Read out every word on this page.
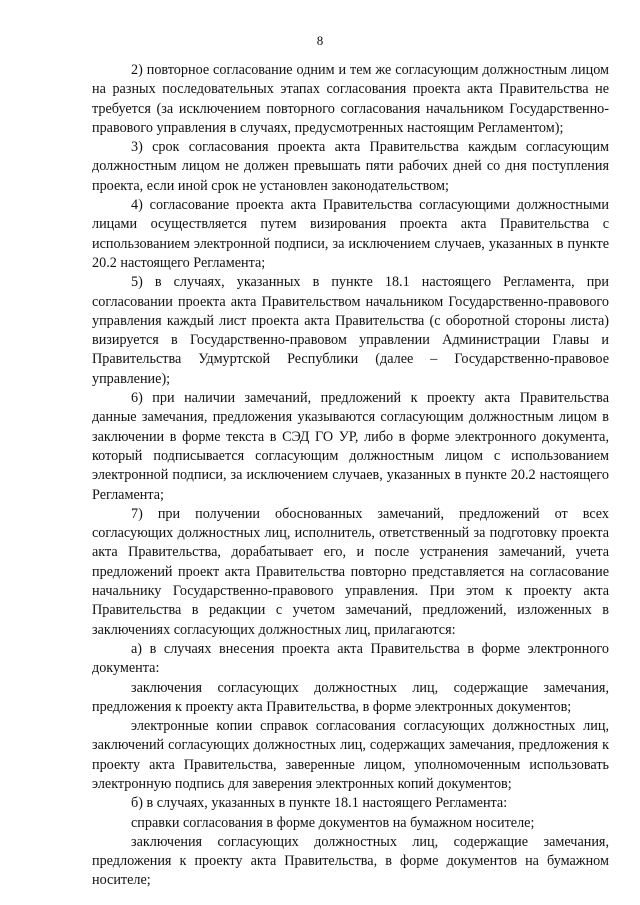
8

2) повторное согласование одним и тем же согласующим должностным лицом на разных последовательных этапах согласования проекта акта Правительства не требуется (за исключением повторного согласования начальником Государственно-правового управления в случаях, предусмотренных настоящим Регламентом);

3) срок согласования проекта акта Правительства каждым согласующим должностным лицом не должен превышать пяти рабочих дней со дня поступления проекта, если иной срок не установлен законодательством;

4) согласование проекта акта Правительства согласующими должностными лицами осуществляется путем визирования проекта акта Правительства с использованием электронной подписи, за исключением случаев, указанных в пункте 20.2 настоящего Регламента;

5) в случаях, указанных в пункте 18.1 настоящего Регламента, при согласовании проекта акта Правительством начальником Государственно-правового управления каждый лист проекта акта Правительства (с оборотной стороны листа) визируется в Государственно-правовом управлении Администрации Главы и Правительства Удмуртской Республики (далее – Государственно-правовое управление);

6) при наличии замечаний, предложений к проекту акта Правительства данные замечания, предложения указываются согласующим должностным лицом в заключении в форме текста в СЭД ГО УР, либо в форме электронного документа, который подписывается согласующим должностным лицом с использованием электронной подписи, за исключением случаев, указанных в пункте 20.2 настоящего Регламента;

7) при получении обоснованных замечаний, предложений от всех согласующих должностных лиц, исполнитель, ответственный за подготовку проекта акта Правительства, дорабатывает его, и после устранения замечаний, учета предложений проект акта Правительства повторно представляется на согласование начальнику Государственно-правового управления. При этом к проекту акта Правительства в редакции с учетом замечаний, предложений, изложенных в заключениях согласующих должностных лиц, прилагаются:

а) в случаях внесения проекта акта Правительства в форме электронного документа:

заключения согласующих должностных лиц, содержащие замечания, предложения к проекту акта Правительства, в форме электронных документов;

электронные копии справок согласования согласующих должностных лиц, заключений согласующих должностных лиц, содержащих замечания, предложения к проекту акта Правительства, заверенные лицом, уполномоченным использовать электронную подпись для заверения электронных копий документов;

б) в случаях, указанных в пункте 18.1 настоящего Регламента:

справки согласования в форме документов на бумажном носителе;

заключения согласующих должностных лиц, содержащие замечания, предложения к проекту акта Правительства, в форме документов на бумажном носителе;
